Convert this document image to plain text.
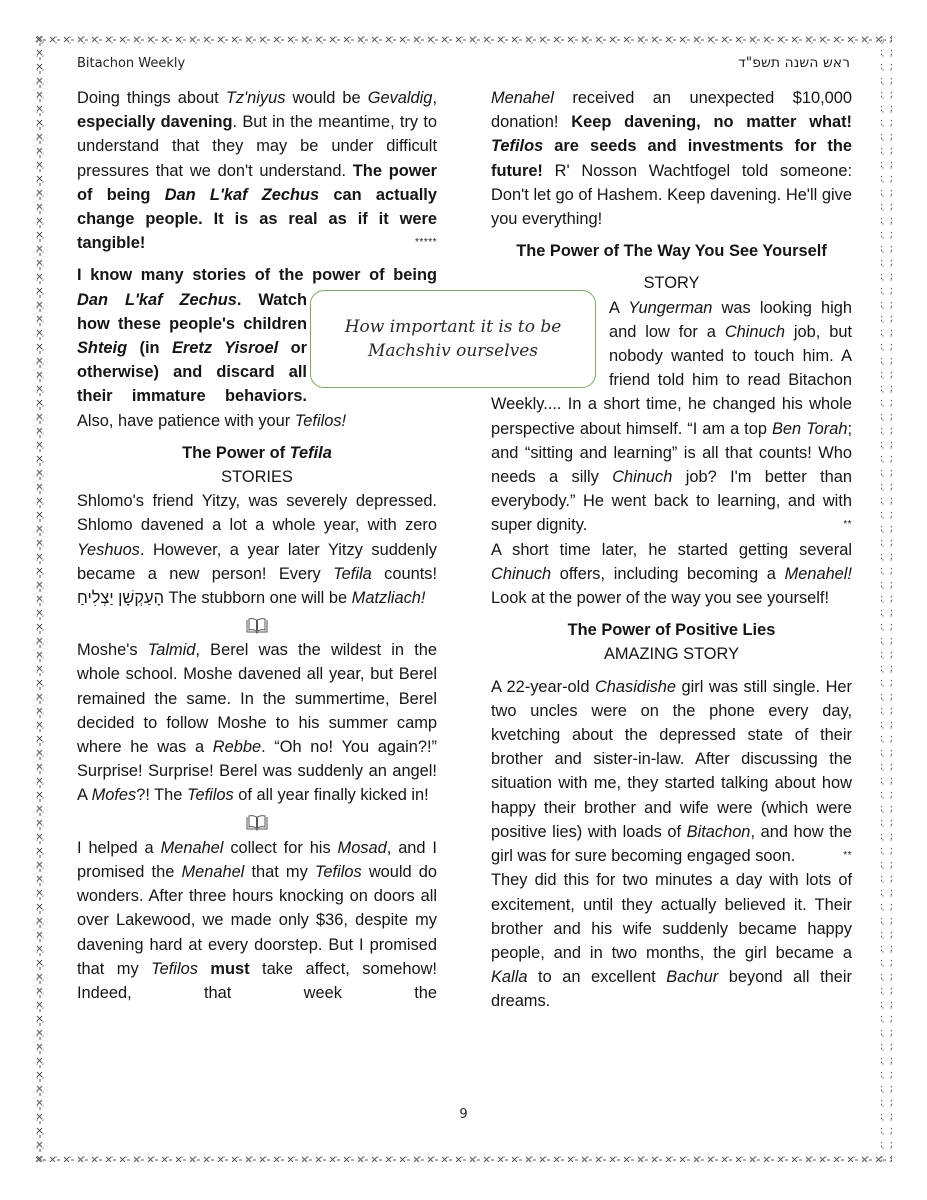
Bitachon Weekly	ראש השנה תשפ"ד

Doing things about Tz'niyus would be Gevaldig, especially davening. But in the meantime, try to understand that they may be under difficult pressures that we don't understand. The power of being Dan L'kaf Zechus can actually change people. It is as real as if it were tangible!	*****

I know many stories of the power of being
Dan L'kaf Zechus. Watch how these people's children Shteig (in Eretz Yisroel or otherwise) and discard all their immature behaviors. Also, have patience with your Tefilos!

The Power of Tefila
STORIES

Shlomo's friend Yitzy, was severely depressed. Shlomo davened a lot a whole year, with zero Yeshuos. However, a year later Yitzy suddenly became a new person! Every Tefila counts! הָעַקְשָׁן יַצְלִיחַ The stubborn one will be Matzliach!

Moshe's Talmid, Berel was the wildest in the whole school. Moshe davened all year, but Berel remained the same. In the summertime, Berel decided to follow Moshe to his summer camp where he was a Rebbe. “Oh no! You again?!” Surprise! Surprise! Berel was suddenly an angel! A Mofes?! The Tefilos of all year finally kicked in!

I helped a Menahel collect for his Mosad, and I promised the Menahel that my Tefilos would do wonders. After three hours knocking on doors all over Lakewood, we made only $36, despite my davening hard at every doorstep. But I promised that my Tefilos must take affect, somehow! Indeed, that week the

Menahel received an unexpected $10,000 donation! Keep davening, no matter what! Tefilos are seeds and investments for the future! R' Nosson Wachtfogel told someone: Don't let go of Hashem. Keep davening. He'll give you everything!

The Power of The Way You See Yourself
STORY

A Yungerman was looking high and low for a Chinuch job, but nobody wanted to touch him. A friend told him to read Bitachon Weekly.... In a short time, he changed his whole perspective about himself. “I am a top Ben Torah; and “sitting and learning” is all that counts! Who needs a silly Chinuch job? I'm better than everybody.” He went back to learning, and with super dignity.	**

A short time later, he started getting several Chinuch offers, including becoming a Menahel! Look at the power of the way you see yourself!

The Power of Positive Lies
AMAZING STORY

A 22-year-old Chasidishe girl was still single. Her two uncles were on the phone every day, kvetching about the depressed state of their brother and sister-in-law. After discussing the situation with me, they started talking about how happy their brother and wife were (which were positive lies) with loads of Bitachon, and how the girl was for sure becoming engaged soon.	**

They did this for two minutes a day with lots of excitement, until they actually believed it. Their brother and his wife suddenly became happy people, and in two months, the girl became a Kalla to an excellent Bachur beyond all their dreams.

How important it is to be
Machshiv ourselves
9
